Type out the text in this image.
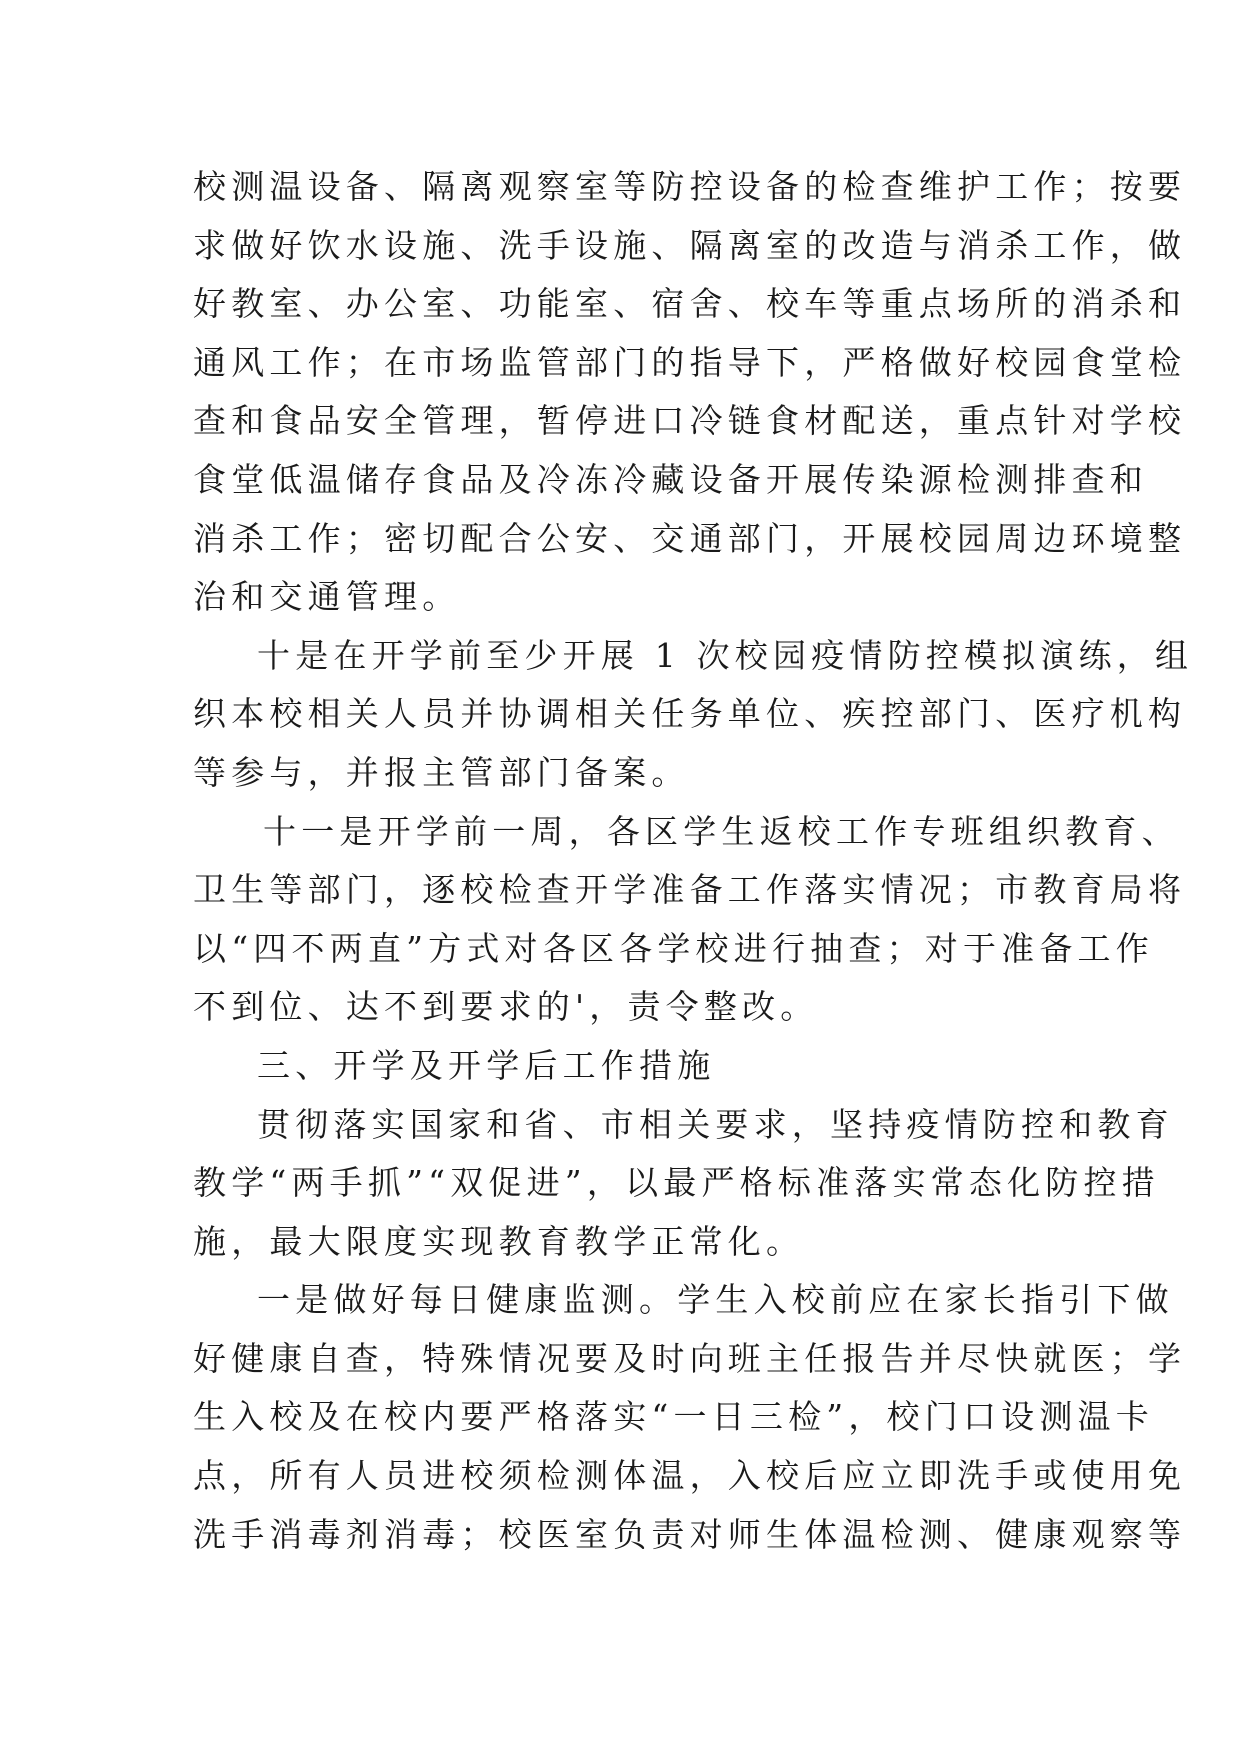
校测温设备、隔离观察室等防控设备的检查维护工作；按要
求做好饮水设施、洗手设施、隔离室的改造与消杀工作，做
好教室、办公室、功能室、宿舍、校车等重点场所的消杀和
通风工作；在市场监管部门的指导下，严格做好校园食堂检
查和食品安全管理，暂停进口冷链食材配送，重点针对学校
食堂低温储存食品及冷冻冷藏设备开展传染源检测排查和
消杀工作；密切配合公安、交通部门，开展校园周边环境整
治和交通管理。
十是在开学前至少开展 1 次校园疫情防控模拟演练，组
织本校相关人员并协调相关任务单位、疾控部门、医疗机构
等参与，并报主管部门备案。
十一是开学前一周，各区学生返校工作专班组织教育、
卫生等部门，逐校检查开学准备工作落实情况；市教育局将
以“四不两直”方式对各区各学校进行抽查；对于准备工作
不到位、达不到要求的'，责令整改。
三、开学及开学后工作措施
贯彻落实国家和省、市相关要求，坚持疫情防控和教育
教学“两手抓”“双促进”，以最严格标准落实常态化防控措
施，最大限度实现教育教学正常化。
一是做好每日健康监测。学生入校前应在家长指引下做
好健康自查，特殊情况要及时向班主任报告并尽快就医；学
生入校及在校内要严格落实“一日三检”，校门口设测温卡
点，所有人员进校须检测体温，入校后应立即洗手或使用免
洗手消毒剂消毒；校医室负责对师生体温检测、健康观察等
